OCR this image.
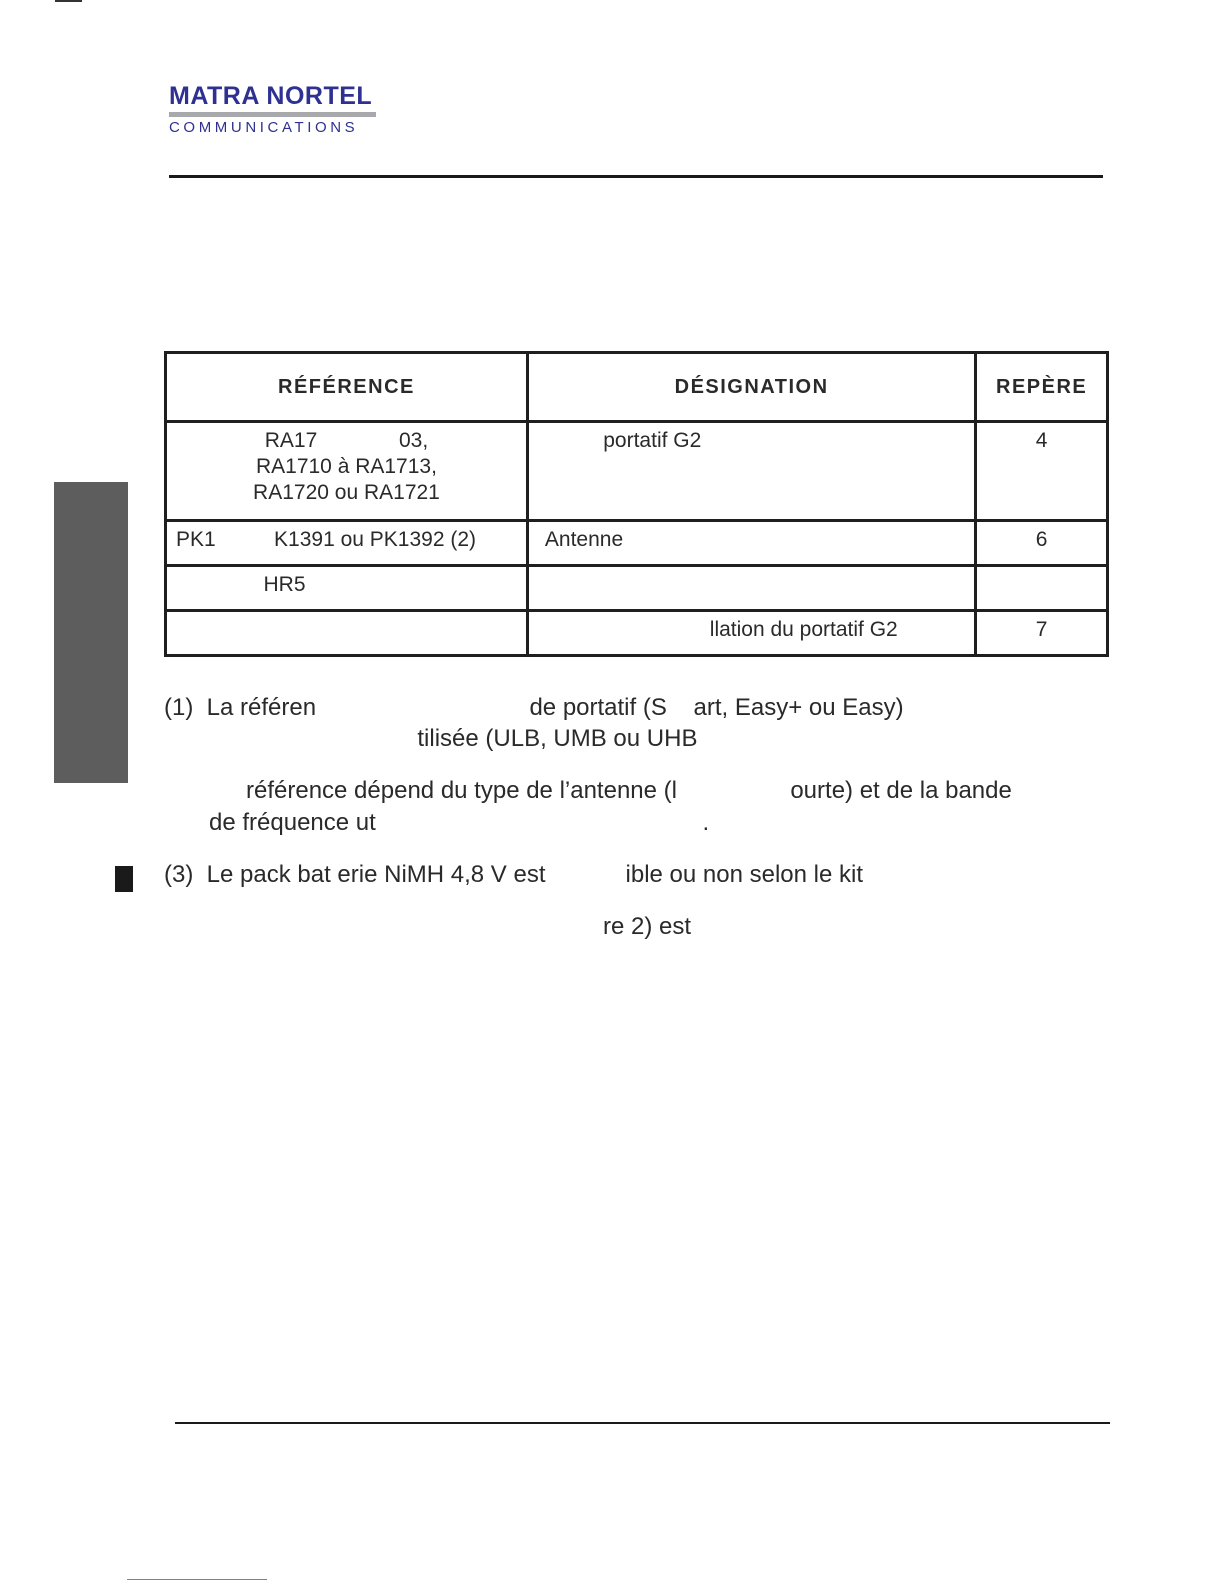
MATRA NORTEL
COMMUNICATIONS
RÉFÉRENCE	DÉSIGNATION	REPÈRE

RA17              03,
RA1710 à RA1713,
RA1720 ou RA1721	portatif G2	4

PK1          K1391 ou PK1392 (2)	Antenne	6

HR5		

	llation du portatif G2	7
(1)  La référen                                de portatif (S    art, Easy+ ou Easy)
tilisée (ULB, UMB ou UHB
référence dépend du type de l’antenne (l                 ourte) et de la bande
de fréquence ut                                                 .
(3)  Le pack bat erie NiMH 4,8 V est            ible ou non selon le kit
re 2) est
